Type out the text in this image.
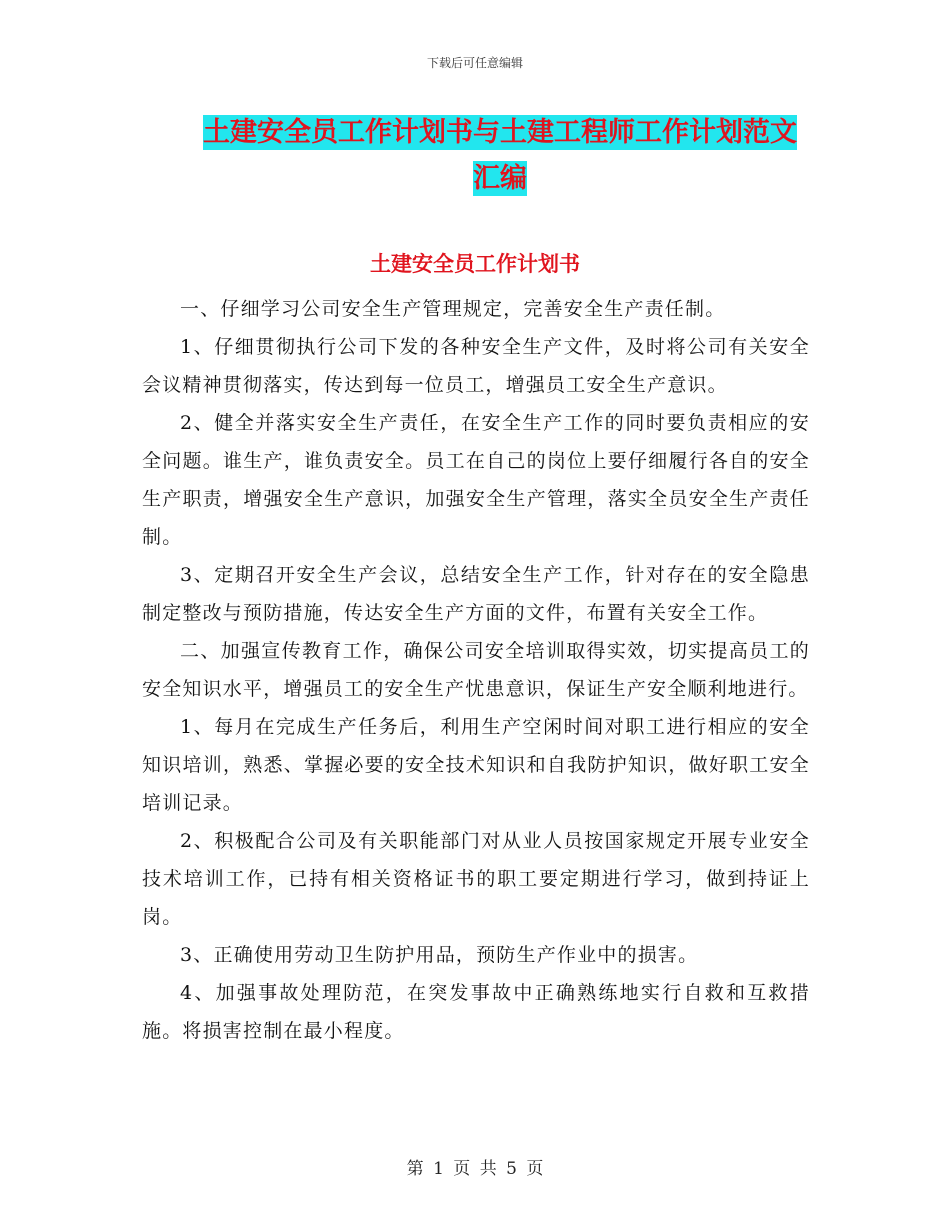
下载后可任意编辑
土建安全员工作计划书与土建工程师工作计划范文汇编
土建安全员工作计划书

一、仔细学习公司安全生产管理规定，完善安全生产责任制。

1、仔细贯彻执行公司下发的各种安全生产文件，及时将公司有关安全会议精神贯彻落实，传达到每一位员工，增强员工安全生产意识。

2、健全并落实安全生产责任，在安全生产工作的同时要负责相应的安全问题。谁生产，谁负责安全。员工在自己的岗位上要仔细履行各自的安全生产职责，增强安全生产意识，加强安全生产管理，落实全员安全生产责任制。

3、定期召开安全生产会议，总结安全生产工作，针对存在的安全隐患制定整改与预防措施，传达安全生产方面的文件，布置有关安全工作。

二、加强宣传教育工作，确保公司安全培训取得实效，切实提高员工的安全知识水平，增强员工的安全生产忧患意识，保证生产安全顺利地进行。

1、每月在完成生产任务后，利用生产空闲时间对职工进行相应的安全知识培训，熟悉、掌握必要的安全技术知识和自我防护知识，做好职工安全培训记录。

2、积极配合公司及有关职能部门对从业人员按国家规定开展专业安全技术培训工作，已持有相关资格证书的职工要定期进行学习，做到持证上岗。

3、正确使用劳动卫生防护用品，预防生产作业中的损害。

4、加强事故处理防范，在突发事故中正确熟练地实行自救和互救措施。将损害控制在最小程度。

第 1 页 共 5 页
